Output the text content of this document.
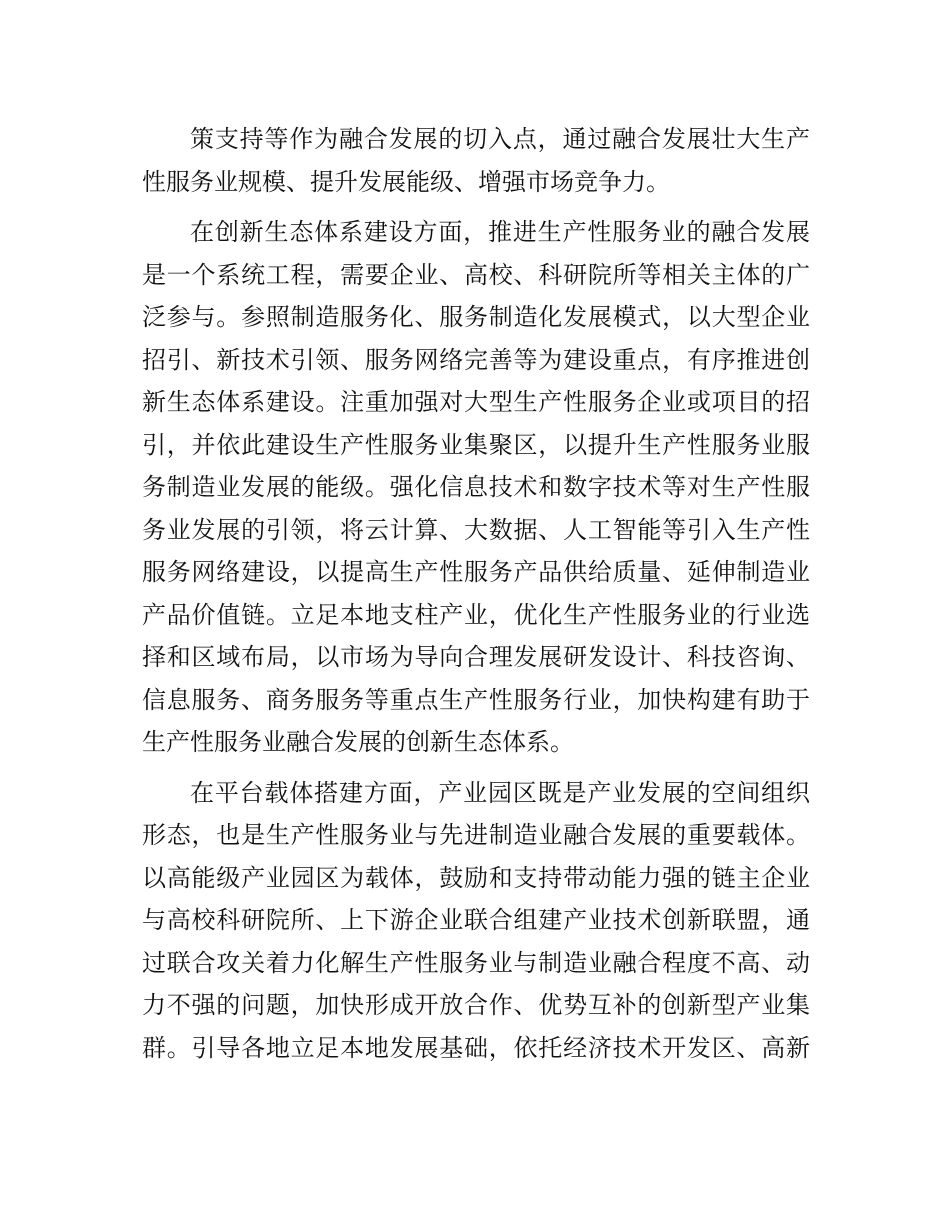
策支持等作为融合发展的切入点，通过融合发展壮大生产
性服务业规模、提升发展能级、增强市场竞争力。

在创新生态体系建设方面，推进生产性服务业的融合发展
是一个系统工程，需要企业、高校、科研院所等相关主体的广
泛参与。参照制造服务化、服务制造化发展模式，以大型企业
招引、新技术引领、服务网络完善等为建设重点，有序推进创
新生态体系建设。注重加强对大型生产性服务企业或项目的招
引，并依此建设生产性服务业集聚区，以提升生产性服务业服
务制造业发展的能级。强化信息技术和数字技术等对生产性服
务业发展的引领，将云计算、大数据、人工智能等引入生产性
服务网络建设，以提高生产性服务产品供给质量、延伸制造业
产品价值链。立足本地支柱产业，优化生产性服务业的行业选
择和区域布局，以市场为导向合理发展研发设计、科技咨询、
信息服务、商务服务等重点生产性服务行业，加快构建有助于
生产性服务业融合发展的创新生态体系。

在平台载体搭建方面，产业园区既是产业发展的空间组织
形态，也是生产性服务业与先进制造业融合发展的重要载体。
以高能级产业园区为载体，鼓励和支持带动能力强的链主企业
与高校科研院所、上下游企业联合组建产业技术创新联盟，通
过联合攻关着力化解生产性服务业与制造业融合程度不高、动
力不强的问题，加快形成开放合作、优势互补的创新型产业集
群。引导各地立足本地发展基础，依托经济技术开发区、高新
